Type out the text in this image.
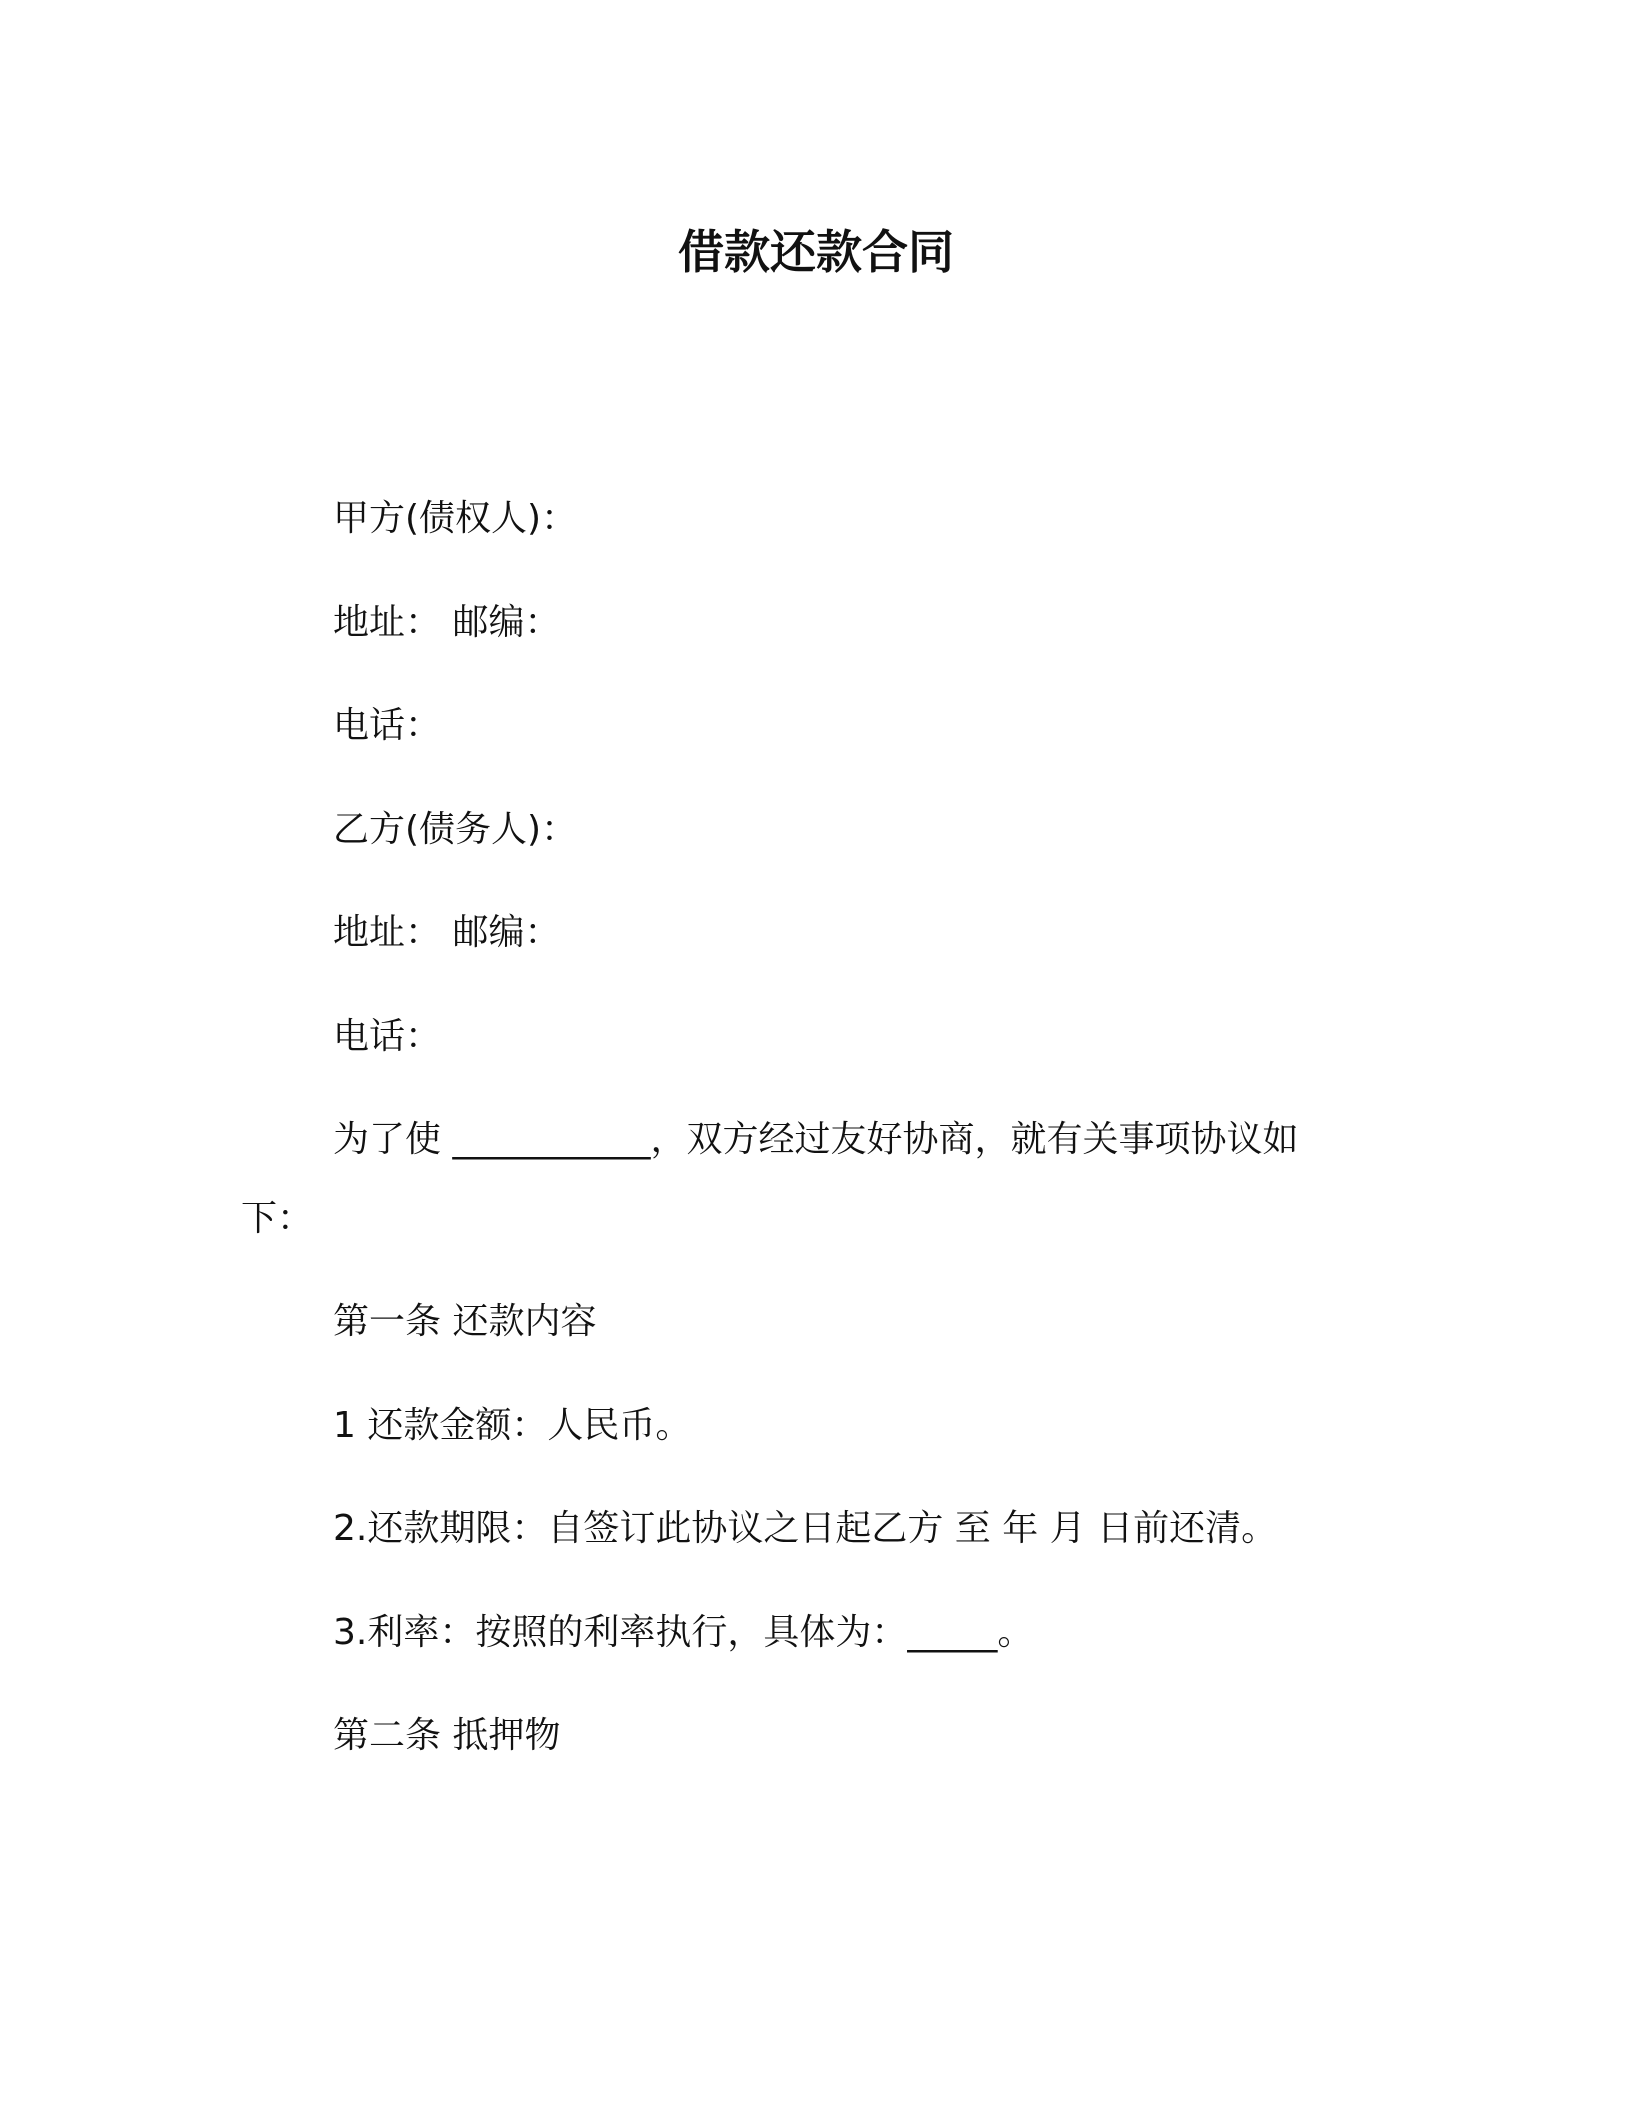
借款还款合同
甲方(债权人)：
地址： 邮编：
电话：
乙方(债务人)：
地址： 邮编：
电话：
为了使 ___________，双方经过友好协商，就有关事项协议如
下：
第一条 还款内容
1 还款金额：人民币。
2.还款期限：自签订此协议之日起乙方 至 年 月 日前还清。
3.利率：按照的利率执行，具体为：_____。
第二条 抵押物
